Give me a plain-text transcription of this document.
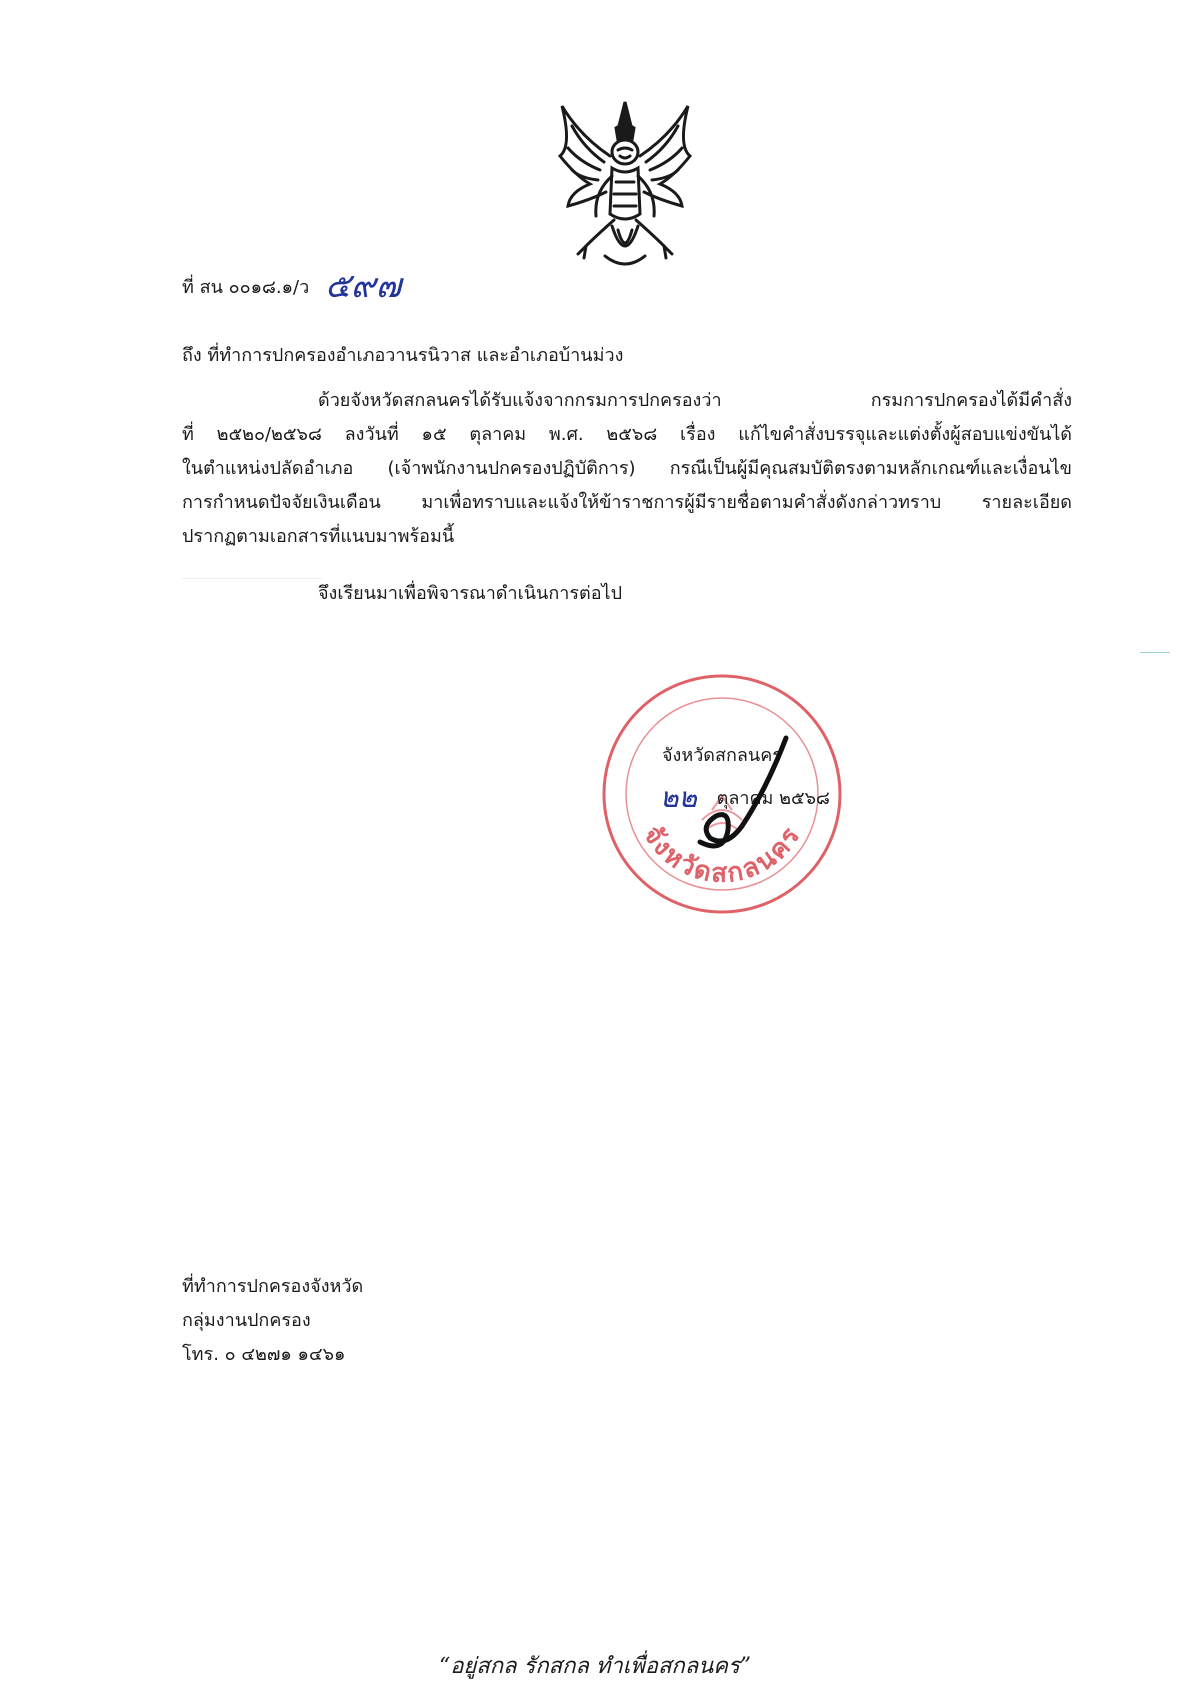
ที่ สน ๐๐๑๘.๑/ว ๕๙๗
ถึง ที่ทำการปกครองอำเภอวานรนิวาส และอำเภอบ้านม่วง
ด้วยจังหวัดสกลนครได้รับแจ้งจากกรมการปกครองว่า กรมการปกครองได้มีคำสั่ง
ที่ ๒๕๒๐/๒๕๖๘ ลงวันที่ ๑๕ ตุลาคม พ.ศ. ๒๕๖๘ เรื่อง แก้ไขคำสั่งบรรจุและแต่งตั้งผู้สอบแข่งขันได้
ในตำแหน่งปลัดอำเภอ (เจ้าพนักงานปกครองปฏิบัติการ) กรณีเป็นผู้มีคุณสมบัติตรงตามหลักเกณฑ์และเงื่อนไข
การกำหนดปัจจัยเงินเดือน มาเพื่อทราบและแจ้งให้ข้าราชการผู้มีรายชื่อตามคำสั่งดังกล่าวทราบ รายละเอียด
ปรากฏตามเอกสารที่แนบมาพร้อมนี้
จึงเรียนมาเพื่อพิจารณาดำเนินการต่อไป
จังหวัดสกลนคร
จังหวัดสกลนคร
๒๒ ตุลาคม ๒๕๖๘
ที่ทำการปกครองจังหวัด
กลุ่มงานปกครอง
โทร. ๐ ๔๒๗๑ ๑๔๖๑
“อยู่สกล รักสกล ทำเพื่อสกลนคร”
